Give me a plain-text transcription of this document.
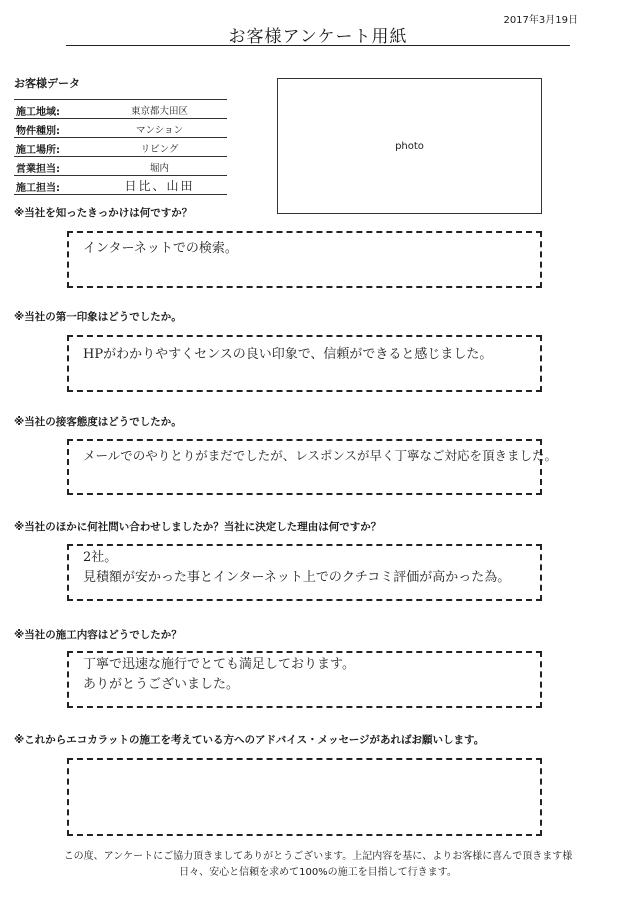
2017年3月19日
お客様アンケート用紙
お客様データ
施工地域:	東京都大田区
物件種別:	マンション
施工場所:	リビング
営業担当:	堀内
施工担当:	日比、山田
photo
※当社を知ったきっかけは何ですか？
インターネットでの検索。
※当社の第一印象はどうでしたか。
HPがわかりやすくセンスの良い印象で、信頼ができると感じました。
※当社の接客態度はどうでしたか。
メールでのやりとりがまだでしたが、レスポンスが早く丁寧なご対応を頂きました。
※当社のほかに何社問い合わせしましたか？当社に決定した理由は何ですか？
2社。
見積額が安かった事とインターネット上でのクチコミ評価が高かった為。
※当社の施工内容はどうでしたか？
丁寧で迅速な施行でとても満足しております。
ありがとうございました。
※これからエコカラットの施工を考えている方へのアドバイス・メッセージがあればお願いします。
この度、アンケートにご協力頂きましてありがとうございます。上記内容を基に、よりお客様に喜んで頂きます様
日々、安心と信頼を求めて100%の施工を目指して行きます。
